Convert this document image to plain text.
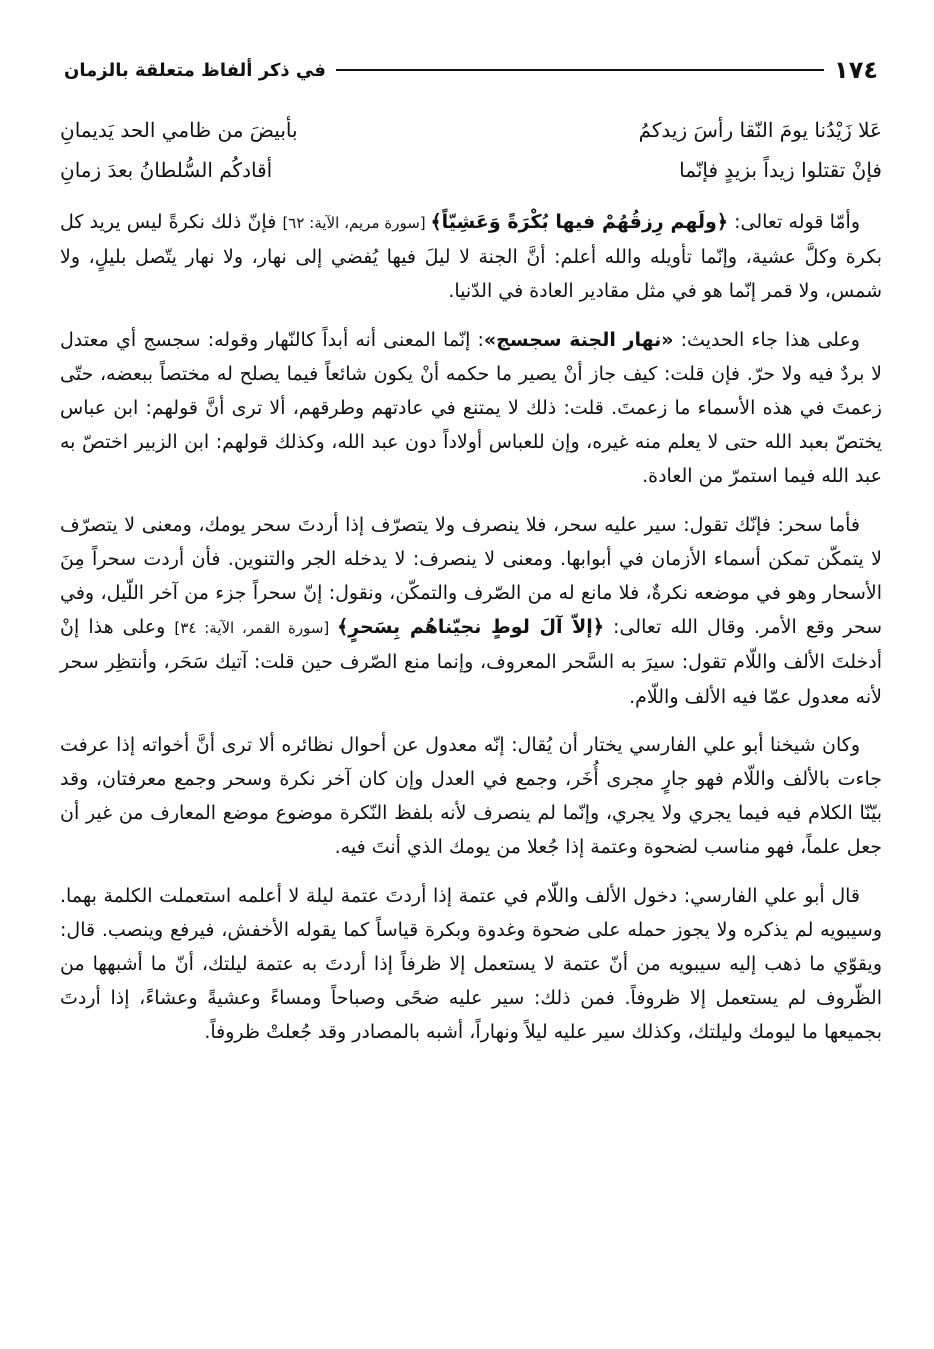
١٧٤
في ذكر ألفاظ متعلقة بالزمان
عَلا زَيْدُنا يومَ النّقا رأسَ زيدكمُ
بأبيضَ من ظامي الحد يَديمانِ
فإنْ تقتلوا زيداً بزيدٍ فإنّما
أقادكُم السُّلطانُ بعدَ زمانِ

وأمّا قوله تعالى: ﴿ولَهم رِزقُهُمْ فيها بُكْرَةً وَعَشِيّاً﴾ [سورة مريم، الآية: ٦٢] فإنّ ذلك نكرةً ليس يريد كل بكرة وكلَّ عشية، وإنّما تأويله والله أعلم: أنَّ الجنة لا ليلَ فيها يُفضي إلى نهار، ولا نهار يتّصل بليلٍ، ولا شمس، ولا قمر إنّما هو في مثل مقادير العادة في الدّنيا.

وعلى هذا جاء الحديث: «نهار الجنة سجسج»: إنّما المعنى أنه أبداً كالنّهار وقوله: سجسج أي معتدل لا بردٌ فيه ولا حرّ. فإن قلت: كيف جاز أنْ يصير ما حكمه أنْ يكون شائعاً فيما يصلح له مختصاً ببعضه، حتّى زعمتَ في هذه الأسماء ما زعمتَ. قلت: ذلك لا يمتنع في عادتهم وطرقهم، ألا ترى أنَّ قولهم: ابن عباس يختصّ بعبد الله حتى لا يعلم منه غيره، وإن للعباس أولاداً دون عبد الله، وكذلك قولهم: ابن الزبير اختصّ به عبد الله فيما استمرّ من العادة.

فأما سحر: فإنّك تقول: سير عليه سحر، فلا ينصرف ولا يتصرّف إذا أردتَ سحر يومك، ومعنى لا يتصرّف لا يتمكّن تمكن أسماء الأزمان في أبوابها. ومعنى لا ينصرف: لا يدخله الجر والتنوين. فأن أردت سحراً مِنَ الأسحار وهو في موضعه نكرةٌ، فلا مانع له من الصّرف والتمكّن، ونقول: إنّ سحراً جزء من آخر اللّيل، وفي سحر وقع الأمر. وقال الله تعالى: ﴿إلاّ آلَ لوطٍ نجيّناهُم بِسَحرٍ﴾ [سورة القمر، الآية: ٣٤] وعلى هذا إنْ أدخلتَ الألف واللّام تقول: سيرَ به السَّحر المعروف، وإنما منع الصّرف حين قلت: آتيك سَحَر، وأنتظِر سحر لأنه معدول عمّا فيه الألف واللّام.

وكان شيخنا أبو علي الفارسي يختار أن يُقال: إنّه معدول عن أحوال نظائره ألا ترى أنَّ أخواته إذا عرفت جاءت بالألف واللّام فهو جارٍ مجرى أُخَر، وجمع في العدل وإن كان آخر نكرة وسحر وجمع معرفتان، وقد بيّنّا الكلام فيه فيما يجري ولا يجري، وإنّما لم ينصرف لأنه بلفظ النّكرة موضوع موضع المعارف من غير أن جعل علماً، فهو مناسب لضحوة وعتمة إذا جُعلا من يومك الذي أنتَ فيه.

قال أبو علي الفارسي: دخول الألف واللّام في عتمة إذا أردتَ عتمة ليلة لا أعلمه استعملت الكلمة بهما. وسيبويه لم يذكره ولا يجوز حمله على ضحوة وغدوة وبكرة قياساً كما يقوله الأخفش، فيرفع وينصب. قال: ويقوّي ما ذهب إليه سيبويه من أنّ عتمة لا يستعمل إلا ظرفاً إذا أردتَ به عتمة ليلتك، أنّ ما أشبهها من الظّروف لم يستعمل إلا ظروفاً. فمن ذلك: سير عليه ضحًى وصباحاً ومساءً وعشيةً وعشاءً، إذا أردتَ بجميعها ما ليومك وليلتك، وكذلك سير عليه ليلاً ونهاراً، أشبه بالمصادر وقد جُعلتْ ظروفاً.
